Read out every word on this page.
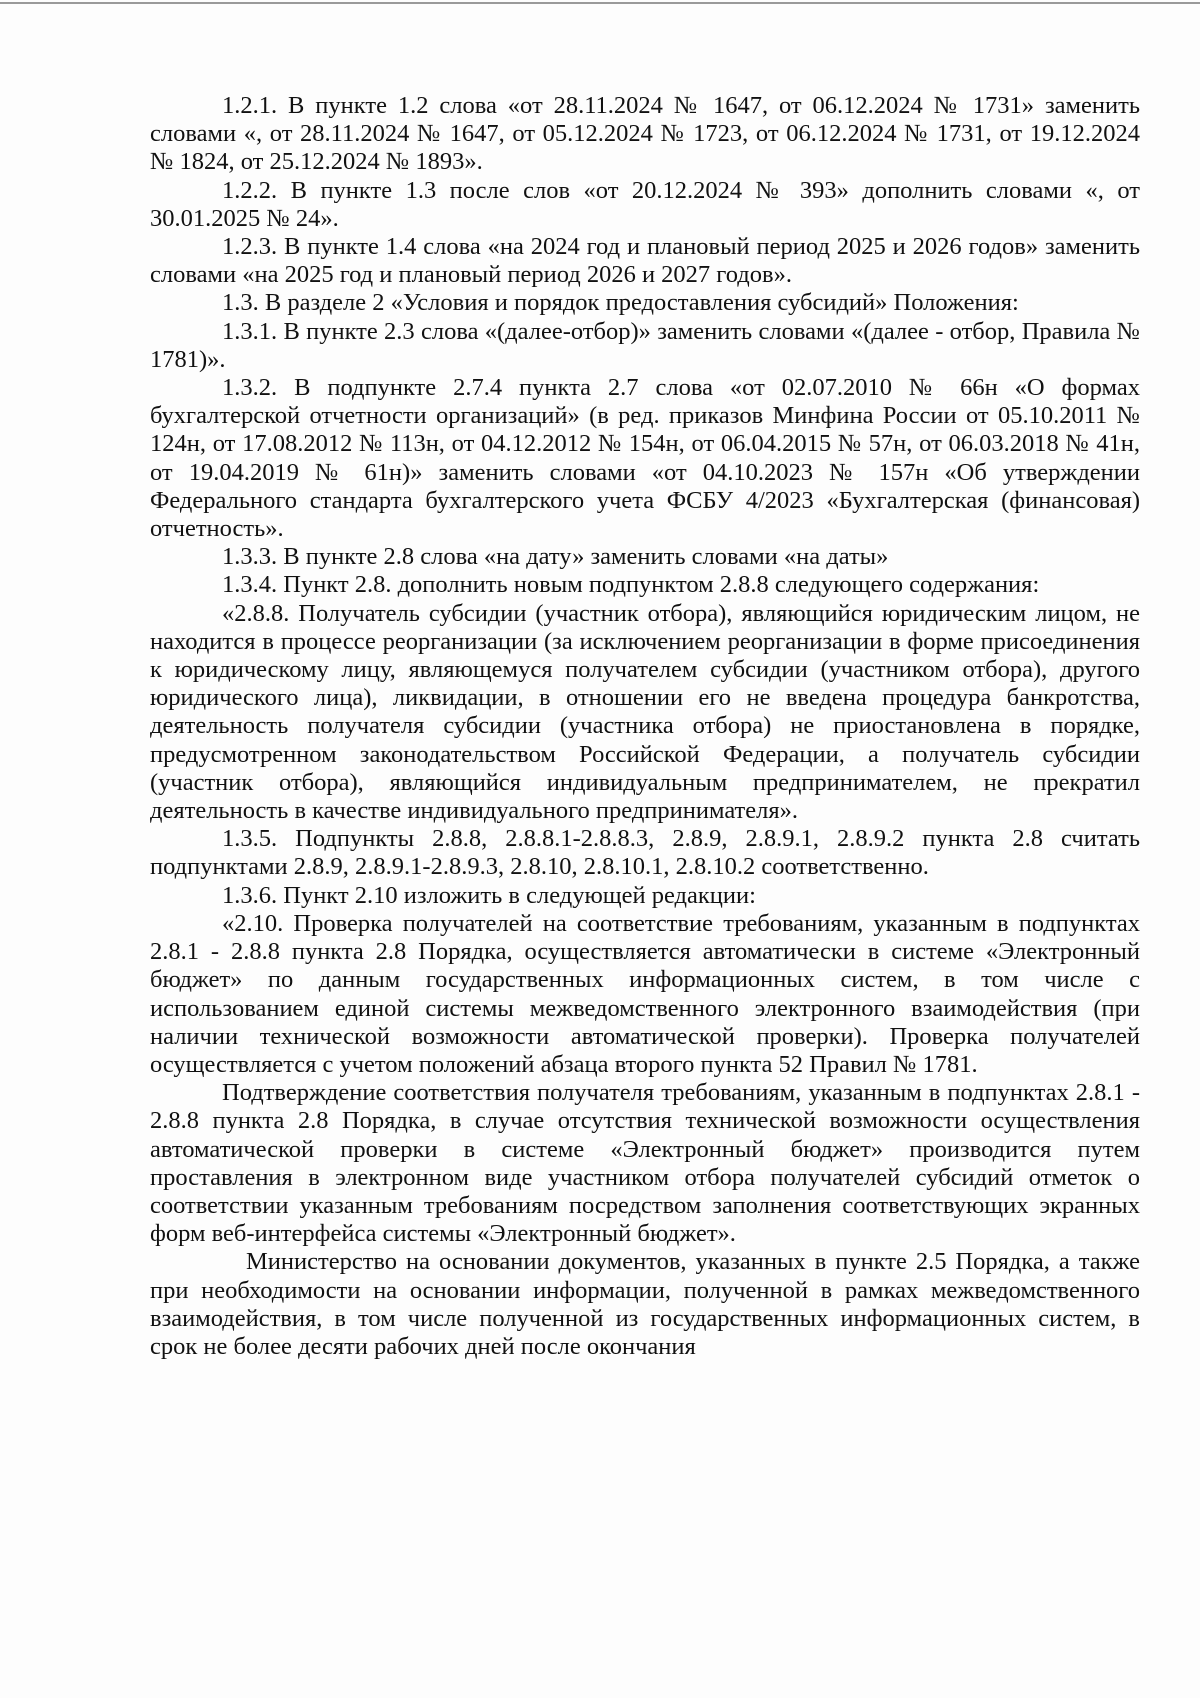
1.2.1. В пункте 1.2 слова «от 28.11.2024 № 1647, от 06.12.2024 № 1731» заменить словами «, от 28.11.2024 № 1647, от 05.12.2024 № 1723, от 06.12.2024 № 1731, от 19.12.2024 № 1824, от 25.12.2024 № 1893».

1.2.2. В пункте 1.3 после слов «от 20.12.2024 № 393» дополнить словами «, от 30.01.2025 № 24».

1.2.3. В пункте 1.4 слова «на 2024 год и плановый период 2025 и 2026 годов» заменить словами «на 2025 год и плановый период 2026 и 2027 годов».

1.3. В разделе 2 «Условия и порядок предоставления субсидий» Положения:

1.3.1. В пункте 2.3 слова «(далее-отбор)» заменить словами «(далее - отбор, Правила № 1781)».

1.3.2. В подпункте 2.7.4 пункта 2.7 слова «от 02.07.2010 № 66н «О формах бухгалтерской отчетности организаций» (в ред. приказов Минфина России от 05.10.2011 № 124н, от 17.08.2012 № 113н, от 04.12.2012 № 154н, от 06.04.2015 № 57н, от 06.03.2018 № 41н, от 19.04.2019 № 61н)» заменить словами «от 04.10.2023 № 157н «Об утверждении Федерального стандарта бухгалтерского учета ФСБУ 4/2023 «Бухгалтерская (финансовая) отчетность».

1.3.3. В пункте 2.8 слова «на дату» заменить словами «на даты»

1.3.4. Пункт 2.8. дополнить новым подпунктом 2.8.8 следующего содержания:

«2.8.8. Получатель субсидии (участник отбора), являющийся юридическим лицом, не находится в процессе реорганизации (за исключением реорганизации в форме присоединения к юридическому лицу, являющемуся получателем субсидии (участником отбора), другого юридического лица), ликвидации, в отношении его не введена процедура банкротства, деятельность получателя субсидии (участника отбора) не приостановлена в порядке, предусмотренном законодательством Российской Федерации, а получатель субсидии (участник отбора), являющийся индивидуальным предпринимателем, не прекратил деятельность в качестве индивидуального предпринимателя».

1.3.5. Подпункты 2.8.8, 2.8.8.1-2.8.8.3, 2.8.9, 2.8.9.1, 2.8.9.2 пункта 2.8 считать подпунктами 2.8.9, 2.8.9.1-2.8.9.3, 2.8.10, 2.8.10.1, 2.8.10.2 соответственно.

1.3.6. Пункт 2.10 изложить в следующей редакции:

«2.10. Проверка получателей на соответствие требованиям, указанным в подпунктах 2.8.1 - 2.8.8 пункта 2.8 Порядка, осуществляется автоматически в системе «Электронный бюджет» по данным государственных информационных систем, в том числе с использованием единой системы межведомственного электронного взаимодействия (при наличии технической возможности автоматической проверки). Проверка получателей осуществляется с учетом положений абзаца второго пункта 52 Правил № 1781.

Подтверждение соответствия получателя требованиям, указанным в подпунктах 2.8.1 - 2.8.8 пункта 2.8 Порядка, в случае отсутствия технической возможности осуществления автоматической проверки в системе «Электронный бюджет» производится путем проставления в электронном виде участником отбора получателей субсидий отметок о соответствии указанным требованиям посредством заполнения соответствующих экранных форм веб-интерфейса системы «Электронный бюджет».

Министерство на основании документов, указанных в пункте 2.5 Порядка, а также при необходимости на основании информации, полученной в рамках межведомственного взаимодействия, в том числе полученной из государственных информационных систем, в срок не более десяти рабочих дней после окончания
